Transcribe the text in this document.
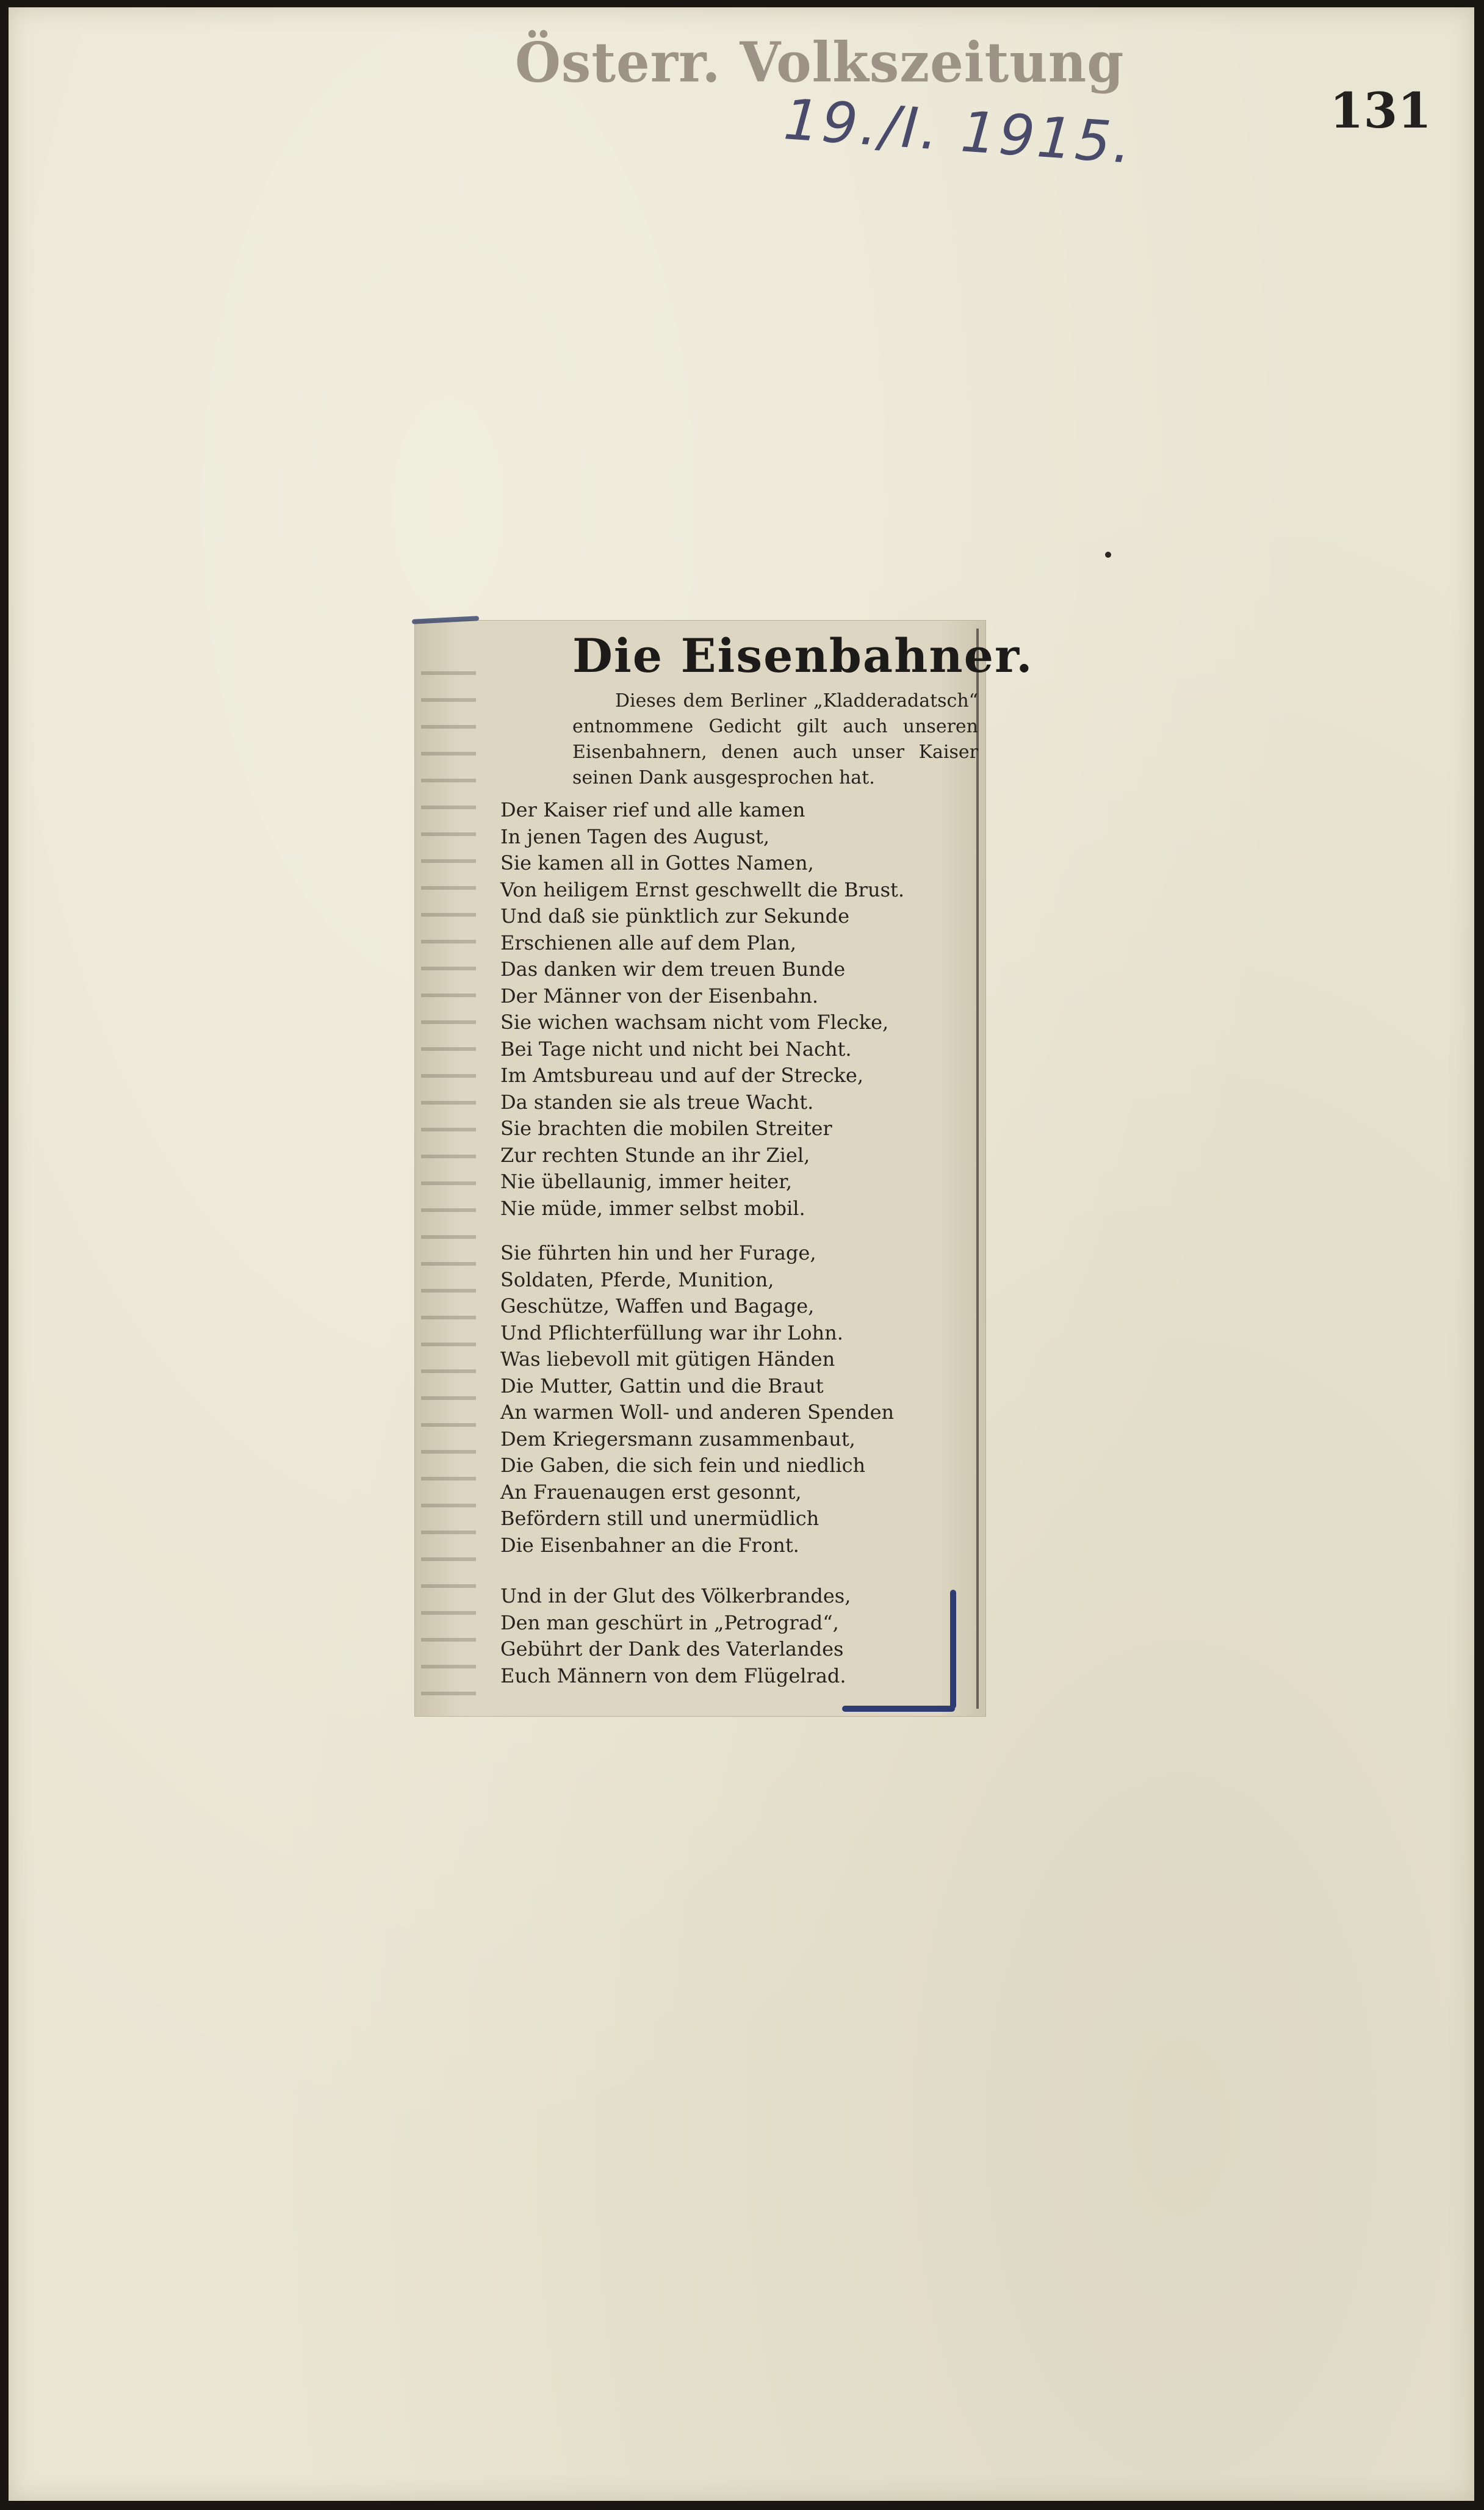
Österr. Volkszeitung
19./I. 1915.	131
Die Eisenbahner.
Dieses dem Berliner „Kladderadatsch“ entnommene Gedicht gilt auch unseren Eisenbahnern, denen auch unser Kaiser seinen Dank ausgesprochen hat.
Der Kaiser rief und alle kamen
In jenen Tagen des August,
Sie kamen all in Gottes Namen,
Von heiligem Ernst geschwellt die Brust.
Und daß sie pünktlich zur Sekunde
Erschienen alle auf dem Plan,
Das danken wir dem treuen Bunde
Der Männer von der Eisenbahn.
Sie wichen wachsam nicht vom Flecke,
Bei Tage nicht und nicht bei Nacht.
Im Amtsbureau und auf der Strecke,
Da standen sie als treue Wacht.
Sie brachten die mobilen Streiter
Zur rechten Stunde an ihr Ziel,
Nie übellaunig, immer heiter,
Nie müde, immer selbst mobil.
Sie führten hin und her Furage,
Soldaten, Pferde, Munition,
Geschütze, Waffen und Bagage,
Und Pflichterfüllung war ihr Lohn.
Was liebevoll mit gütigen Händen
Die Mutter, Gattin und die Braut
An warmen Woll- und anderen Spenden
Dem Kriegersmann zusammenbaut,
Die Gaben, die sich fein und niedlich
An Frauenaugen erst gesonnt,
Befördern still und unermüdlich
Die Eisenbahner an die Front.
Und in der Glut des Völkerbrandes,
Den man geschürt in „Petrograd“,
Gebührt der Dank des Vaterlandes
Euch Männern von dem Flügelrad.
